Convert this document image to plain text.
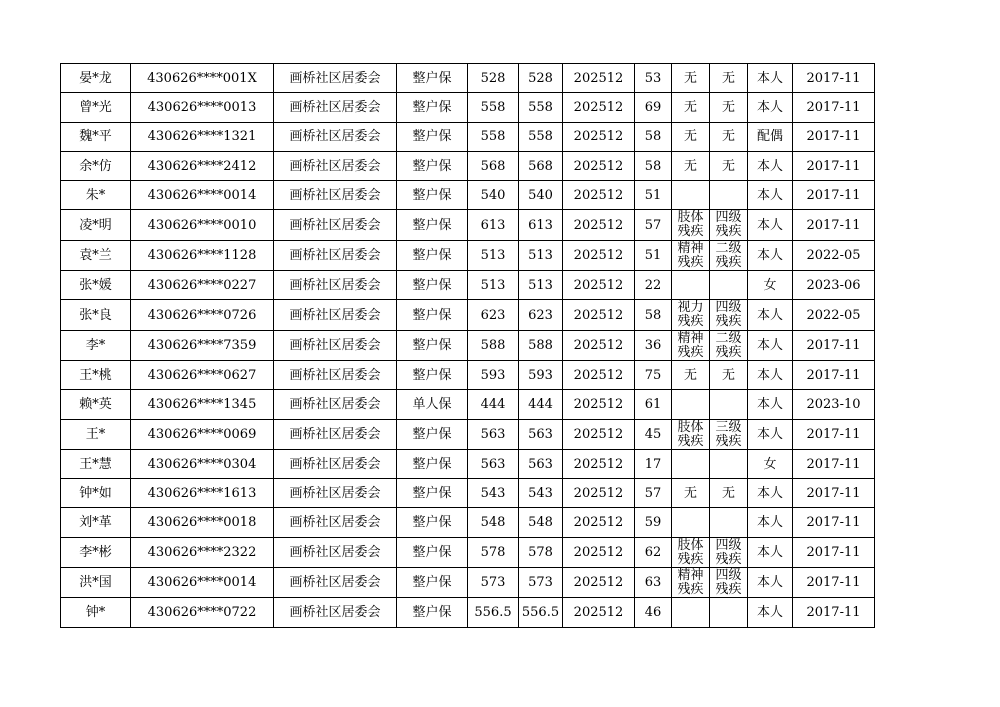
晏*龙	430626****001X	画桥社区居委会	整户保	528	528	202512	53	无	无	本人	2017-11
曾*光	430626****0013	画桥社区居委会	整户保	558	558	202512	69	无	无	本人	2017-11
魏*平	430626****1321	画桥社区居委会	整户保	558	558	202512	58	无	无	配偶	2017-11
余*仿	430626****2412	画桥社区居委会	整户保	568	568	202512	58	无	无	本人	2017-11
朱*	430626****0014	画桥社区居委会	整户保	540	540	202512	51			本人	2017-11
凌*明	430626****0010	画桥社区居委会	整户保	613	613	202512	57	肢体残疾	四级残疾	本人	2017-11
袁*兰	430626****1128	画桥社区居委会	整户保	513	513	202512	51	精神残疾	二级残疾	本人	2022-05
张*媛	430626****0227	画桥社区居委会	整户保	513	513	202512	22			女	2023-06
张*良	430626****0726	画桥社区居委会	整户保	623	623	202512	58	视力残疾	四级残疾	本人	2022-05
李*	430626****7359	画桥社区居委会	整户保	588	588	202512	36	精神残疾	二级残疾	本人	2017-11
王*桃	430626****0627	画桥社区居委会	整户保	593	593	202512	75	无	无	本人	2017-11
赖*英	430626****1345	画桥社区居委会	单人保	444	444	202512	61			本人	2023-10
王*	430626****0069	画桥社区居委会	整户保	563	563	202512	45	肢体残疾	三级残疾	本人	2017-11
王*慧	430626****0304	画桥社区居委会	整户保	563	563	202512	17			女	2017-11
钟*如	430626****1613	画桥社区居委会	整户保	543	543	202512	57	无	无	本人	2017-11
刘*革	430626****0018	画桥社区居委会	整户保	548	548	202512	59			本人	2017-11
李*彬	430626****2322	画桥社区居委会	整户保	578	578	202512	62	肢体残疾	四级残疾	本人	2017-11
洪*国	430626****0014	画桥社区居委会	整户保	573	573	202512	63	精神残疾	四级残疾	本人	2017-11
钟*	430626****0722	画桥社区居委会	整户保	556.5	556.5	202512	46			本人	2017-11
